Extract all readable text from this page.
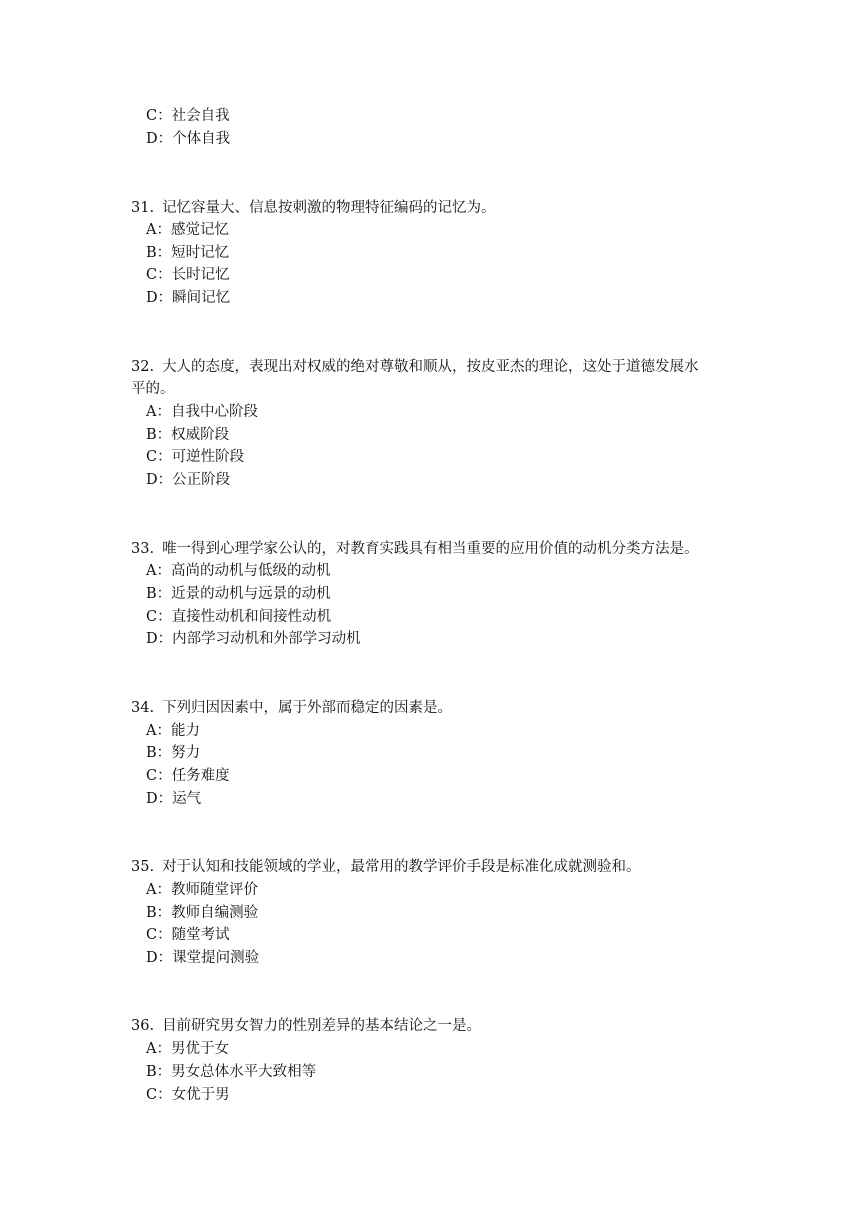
C：社会自我

D：个体自我

31. 记忆容量大、信息按刺激的物理特征编码的记忆为。

A：感觉记忆

B：短时记忆

C：长时记忆

D：瞬间记忆

32. 大人的态度，表现出对权威的绝对尊敬和顺从，按皮亚杰的理论，这处于道德发展水

平的。

A：自我中心阶段

B：权威阶段

C：可逆性阶段

D：公正阶段

33. 唯一得到心理学家公认的，对教育实践具有相当重要的应用价值的动机分类方法是。

A：高尚的动机与低级的动机

B：近景的动机与远景的动机

C：直接性动机和间接性动机

D：内部学习动机和外部学习动机

34. 下列归因因素中，属于外部而稳定的因素是。

A：能力

B：努力

C：任务难度

D：运气

35. 对于认知和技能领域的学业，最常用的教学评价手段是标准化成就测验和。

A：教师随堂评价

B：教师自编测验

C：随堂考试

D：课堂提问测验

36. 目前研究男女智力的性别差异的基本结论之一是。

A：男优于女

B：男女总体水平大致相等

C：女优于男
